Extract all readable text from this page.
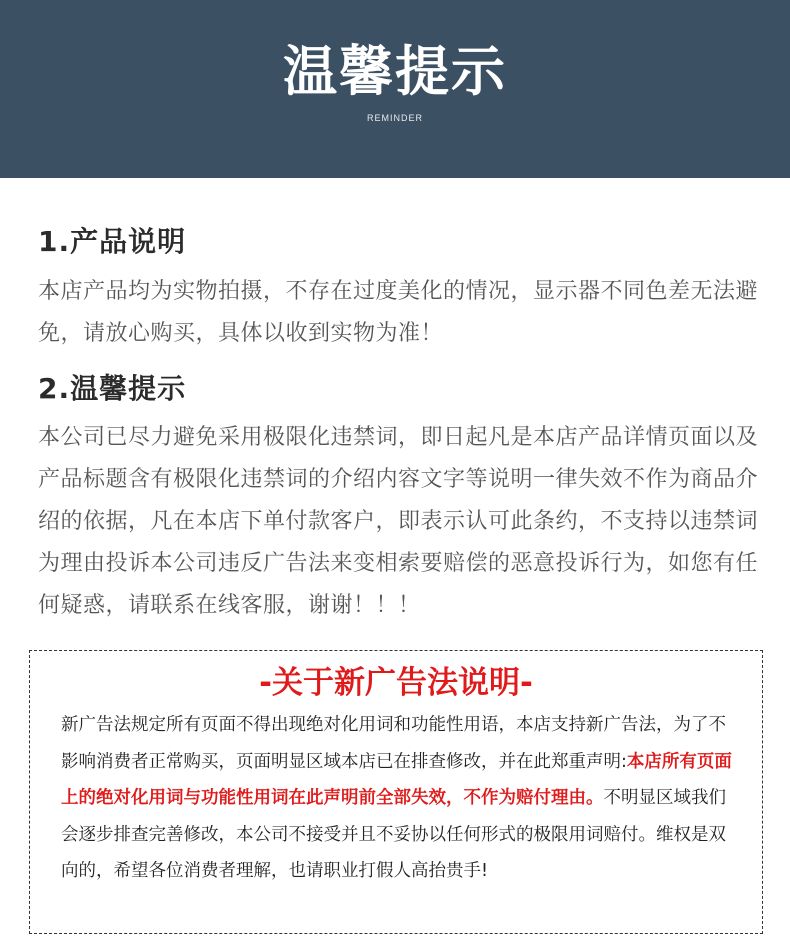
温馨提示
REMINDER
1.产品说明
本店产品均为实物拍摄，不存在过度美化的情况，显示器不同色差无法避免，请放心购买，具体以收到实物为准！
2.温馨提示
本公司已尽力避免采用极限化违禁词，即日起凡是本店产品详情页面以及产品标题含有极限化违禁词的介绍内容文字等说明一律失效不作为商品介绍的依据，凡在本店下单付款客户，即表示认可此条约，不支持以违禁词为理由投诉本公司违反广告法来变相索要赔偿的恶意投诉行为，如您有任何疑惑，请联系在线客服，谢谢！！！
-关于新广告法说明-
新广告法规定所有页面不得出现绝对化用词和功能性用语，本店支持新广告法，为了不影响消费者正常购买，页面明显区域本店已在排查修改，并在此郑重声明:本店所有页面上的绝对化用词与功能性用词在此声明前全部失效，不作为赔付理由。不明显区域我们会逐步排查完善修改，本公司不接受并且不妥协以任何形式的极限用词赔付。维权是双向的，希望各位消费者理解，也请职业打假人高抬贵手!
